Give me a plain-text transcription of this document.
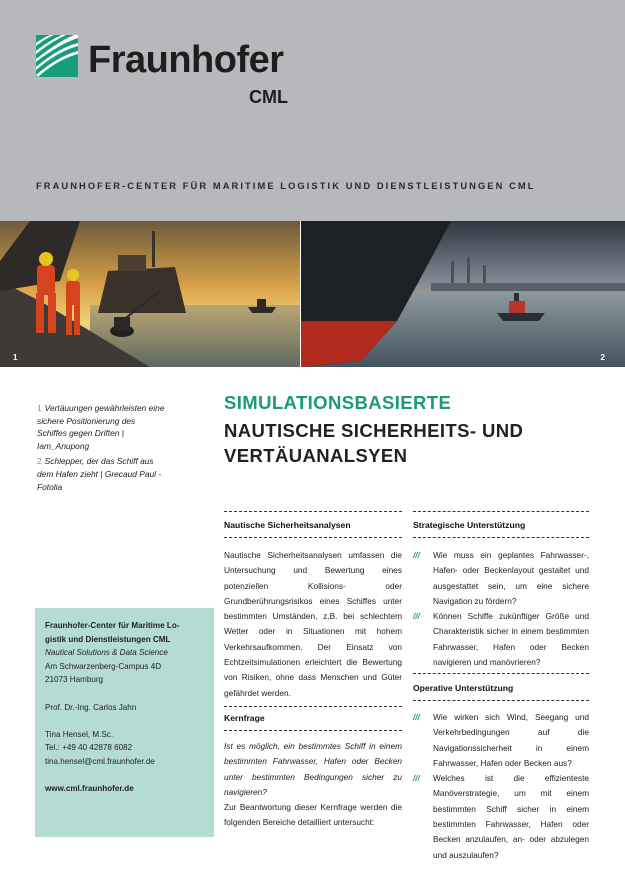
Fraunhofer
CML
FRAUNHOFER-CENTER FÜR MARITIME LOGISTIK UND DIENSTLEISTUNGEN CML
1	2

1 Vertäuungen gewährleisten eine sichere Positionierung des Schiffes gegen Driften | Iam_Anupong

2 Schlepper, der das Schiff aus dem Hafen zieht | Grecaud Paul - Fotolia

SIMULATIONSBASIERTE
NAUTISCHE SICHERHEITS- UND
VERTÄUANALSYEN
Nautische Sicherheitsanalysen

Nautische Sicherheitsanalysen umfassen die Untersuchung und Bewertung eines potenziellen Kollisions- oder Grundberührungsrisikos eines Schiffes unter bestimmten Umständen, z.B. bei schlechtem Wetter oder in Situationen mit hohem Verkehrsaufkommen. Der Einsatz von Echtzeitsimulationen erleichtert die Bewertung von Risiken, ohne dass Menschen und Güter gefährdet werden.

Kernfrage

Ist es möglich, ein bestimmtes Schiff in einem bestimmten Fahrwasser, Hafen oder Becken unter bestimmten Bedingungen sicher zu navigieren?

Zur Beantwortung dieser Kernfrage werden die folgenden Bereiche detailliert untersucht:

Strategische Unterstützung
/// Wie muss ein geplantes Fahrwasser-, Hafen- oder Beckenlayout gestaltet und ausgestattet sein, um eine sichere Navigation zu fördern?
/// Können Schiffe zukünftiger Größe und Charakteristik sicher in einem bestimmten Fahrwasser, Hafen oder Becken navigieren und manövrieren?
Operative Unterstützung
/// Wie wirken sich Wind, Seegang und Verkehrbedingungen auf die Navigationssicherheit in einem Fahrwasser, Hafen oder Becken aus?
/// Welches ist die effizienteste Manöverstrategie, um mit einem bestimmten Schiff sicher in einem bestimmten Fahrwasser, Hafen oder Becken anzulaufen, an- oder abzulegen und auszulaufen?
Fraunhofer-Center für Maritime Lo-
gistik und Dienstleistungen CML
Nautical Solutions & Data Science
Am Schwarzenberg-Campus 4D
21073 Hamburg
Prof. Dr.-Ing. Carlos Jahn
Tina Hensel, M.Sc.
Tel.: +49 40 42878 6082
tina.hensel@cml.fraunhofer.de
www.cml.fraunhofer.de
